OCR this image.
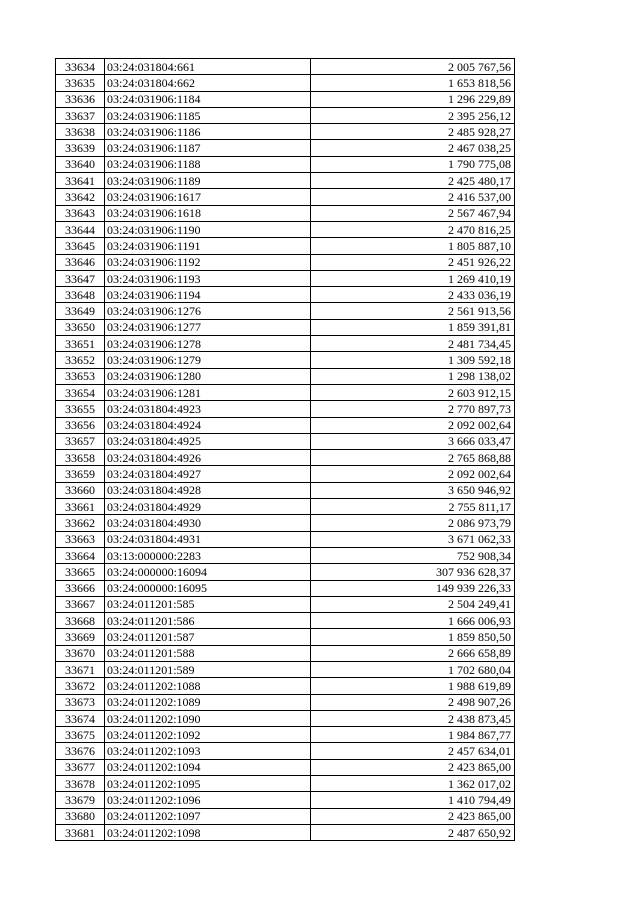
33634	03:24:031804:661	2 005 767,56
33635	03:24:031804:662	1 653 818,56
33636	03:24:031906:1184	1 296 229,89
33637	03:24:031906:1185	2 395 256,12
33638	03:24:031906:1186	2 485 928,27
33639	03:24:031906:1187	2 467 038,25
33640	03:24:031906:1188	1 790 775,08
33641	03:24:031906:1189	2 425 480,17
33642	03:24:031906:1617	2 416 537,00
33643	03:24:031906:1618	2 567 467,94
33644	03:24:031906:1190	2 470 816,25
33645	03:24:031906:1191	1 805 887,10
33646	03:24:031906:1192	2 451 926,22
33647	03:24:031906:1193	1 269 410,19
33648	03:24:031906:1194	2 433 036,19
33649	03:24:031906:1276	2 561 913,56
33650	03:24:031906:1277	1 859 391,81
33651	03:24:031906:1278	2 481 734,45
33652	03:24:031906:1279	1 309 592,18
33653	03:24:031906:1280	1 298 138,02
33654	03:24:031906:1281	2 603 912,15
33655	03:24:031804:4923	2 770 897,73
33656	03:24:031804:4924	2 092 002,64
33657	03:24:031804:4925	3 666 033,47
33658	03:24:031804:4926	2 765 868,88
33659	03:24:031804:4927	2 092 002,64
33660	03:24:031804:4928	3 650 946,92
33661	03:24:031804:4929	2 755 811,17
33662	03:24:031804:4930	2 086 973,79
33663	03:24:031804:4931	3 671 062,33
33664	03:13:000000:2283	752 908,34
33665	03:24:000000:16094	307 936 628,37
33666	03:24:000000:16095	149 939 226,33
33667	03:24:011201:585	2 504 249,41
33668	03:24:011201:586	1 666 006,93
33669	03:24:011201:587	1 859 850,50
33670	03:24:011201:588	2 666 658,89
33671	03:24:011201:589	1 702 680,04
33672	03:24:011202:1088	1 988 619,89
33673	03:24:011202:1089	2 498 907,26
33674	03:24:011202:1090	2 438 873,45
33675	03:24:011202:1092	1 984 867,77
33676	03:24:011202:1093	2 457 634,01
33677	03:24:011202:1094	2 423 865,00
33678	03:24:011202:1095	1 362 017,02
33679	03:24:011202:1096	1 410 794,49
33680	03:24:011202:1097	2 423 865,00
33681	03:24:011202:1098	2 487 650,92
